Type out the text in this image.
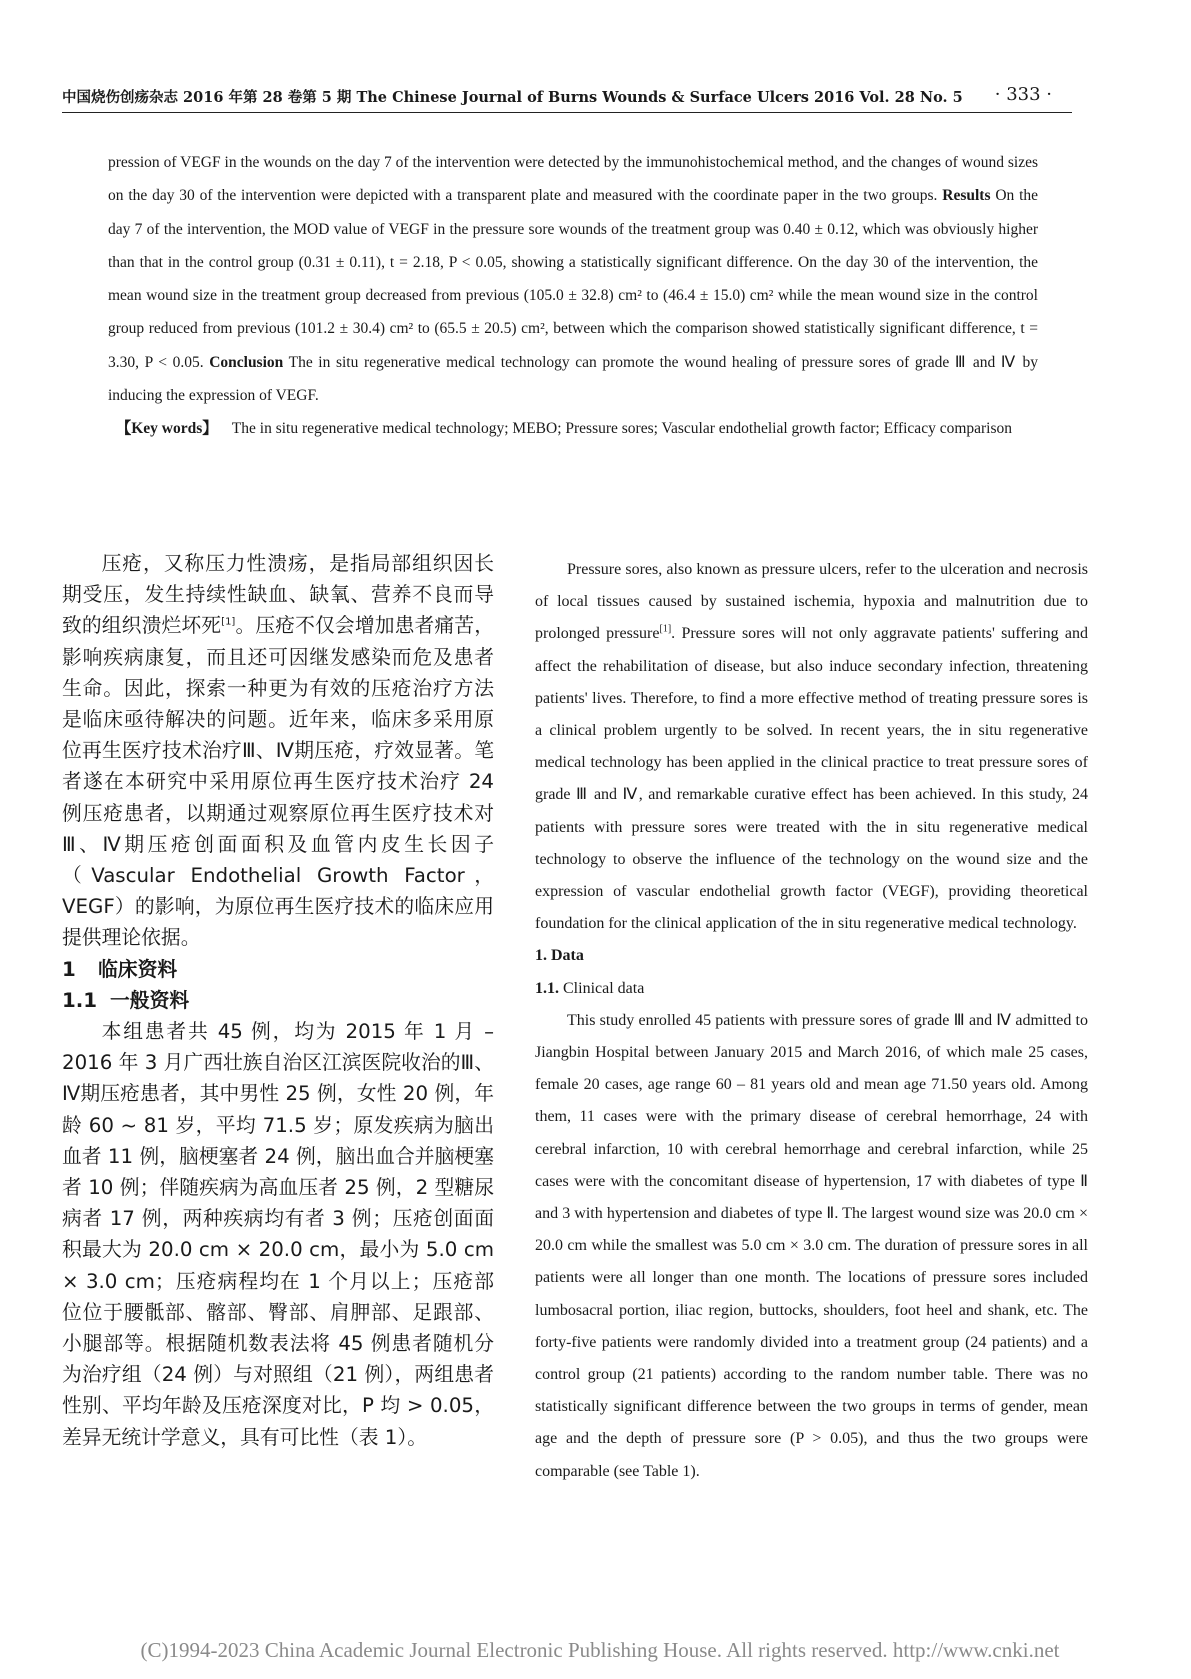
中国烧伤创疡杂志 2016 年第 28 卷第 5 期 The Chinese Journal of Burns Wounds & Surface Ulcers 2016 Vol. 28 No. 5 · 333 ·

pression of VEGF in the wounds on the day 7 of the intervention were detected by the immunohistochemical method, and the changes of wound sizes on the day 30 of the intervention were depicted with a transparent plate and measured with the coordinate paper in the two groups. Results On the day 7 of the intervention, the MOD value of VEGF in the pressure sore wounds of the treatment group was 0.40 ± 0.12, which was obviously higher than that in the control group (0.31 ± 0.11), t = 2.18, P < 0.05, showing a statistically significant difference. On the day 30 of the intervention, the mean wound size in the treatment group decreased from previous (105.0 ± 32.8) cm² to (46.4 ± 15.0) cm² while the mean wound size in the control group reduced from previous (101.2 ± 30.4) cm² to (65.5 ± 20.5) cm², between which the comparison showed statistically significant difference, t = 3.30, P < 0.05. Conclusion The in situ regenerative medical technology can promote the wound healing of pressure sores of grade Ⅲ and Ⅳ by inducing the expression of VEGF.

【Key words】 The in situ regenerative medical technology; MEBO; Pressure sores; Vascular endothelial growth factor; Efficacy comparison

压疮，又称压力性溃疡，是指局部组织因长期受压，发生持续性缺血、缺氧、营养不良而导致的组织溃烂坏死[1]。压疮不仅会增加患者痛苦，影响疾病康复，而且还可因继发感染而危及患者生命。因此，探索一种更为有效的压疮治疗方法是临床亟待解决的问题。近年来，临床多采用原位再生医疗技术治疗Ⅲ、Ⅳ期压疮，疗效显著。笔者遂在本研究中采用原位再生医疗技术治疗 24 例压疮患者，以期通过观察原位再生医疗技术对Ⅲ、Ⅳ期压疮创面面积及血管内皮生长因子（Vascular Endothelial Growth Factor，VEGF）的影响，为原位再生医疗技术的临床应用提供理论依据。

1 临床资料

1.1 一般资料

本组患者共 45 例，均为 2015 年 1 月 – 2016 年 3 月广西壮族自治区江滨医院收治的Ⅲ、Ⅳ期压疮患者，其中男性 25 例，女性 20 例，年龄 60 ~ 81 岁，平均 71.5 岁；原发疾病为脑出血者 11 例，脑梗塞者 24 例，脑出血合并脑梗塞者 10 例；伴随疾病为高血压者 25 例，2 型糖尿病者 17 例，两种疾病均有者 3 例；压疮创面面积最大为 20.0 cm × 20.0 cm，最小为 5.0 cm × 3.0 cm；压疮病程均在 1 个月以上；压疮部位位于腰骶部、髂部、臀部、肩胛部、足跟部、小腿部等。根据随机数表法将 45 例患者随机分为治疗组（24 例）与对照组（21 例），两组患者性别、平均年龄及压疮深度对比，P 均 > 0.05，差异无统计学意义，具有可比性（表 1）。

Pressure sores, also known as pressure ulcers, refer to the ulceration and necrosis of local tissues caused by sustained ischemia, hypoxia and malnutrition due to prolonged pressure[1]. Pressure sores will not only aggravate patients' suffering and affect the rehabilitation of disease, but also induce secondary infection, threatening patients' lives. Therefore, to find a more effective method of treating pressure sores is a clinical problem urgently to be solved. In recent years, the in situ regenerative medical technology has been applied in the clinical practice to treat pressure sores of grade Ⅲ and Ⅳ, and remarkable curative effect has been achieved. In this study, 24 patients with pressure sores were treated with the in situ regenerative medical technology to observe the influence of the technology on the wound size and the expression of vascular endothelial growth factor (VEGF), providing theoretical foundation for the clinical application of the in situ regenerative medical technology.

1. Data

1.1. Clinical data

This study enrolled 45 patients with pressure sores of grade Ⅲ and Ⅳ admitted to Jiangbin Hospital between January 2015 and March 2016, of which male 25 cases, female 20 cases, age range 60 – 81 years old and mean age 71.50 years old. Among them, 11 cases were with the primary disease of cerebral hemorrhage, 24 with cerebral infarction, 10 with cerebral hemorrhage and cerebral infarction, while 25 cases were with the concomitant disease of hypertension, 17 with diabetes of type Ⅱ and 3 with hypertension and diabetes of type Ⅱ. The largest wound size was 20.0 cm × 20.0 cm while the smallest was 5.0 cm × 3.0 cm. The duration of pressure sores in all patients were all longer than one month. The locations of pressure sores included lumbosacral portion, iliac region, buttocks, shoulders, foot heel and shank, etc. The forty-five patients were randomly divided into a treatment group (24 patients) and a control group (21 patients) according to the random number table. There was no statistically significant difference between the two groups in terms of gender, mean age and the depth of pressure sore (P > 0.05), and thus the two groups were comparable (see Table 1).

(C)1994-2023 China Academic Journal Electronic Publishing House. All rights reserved. http://www.cnki.net
